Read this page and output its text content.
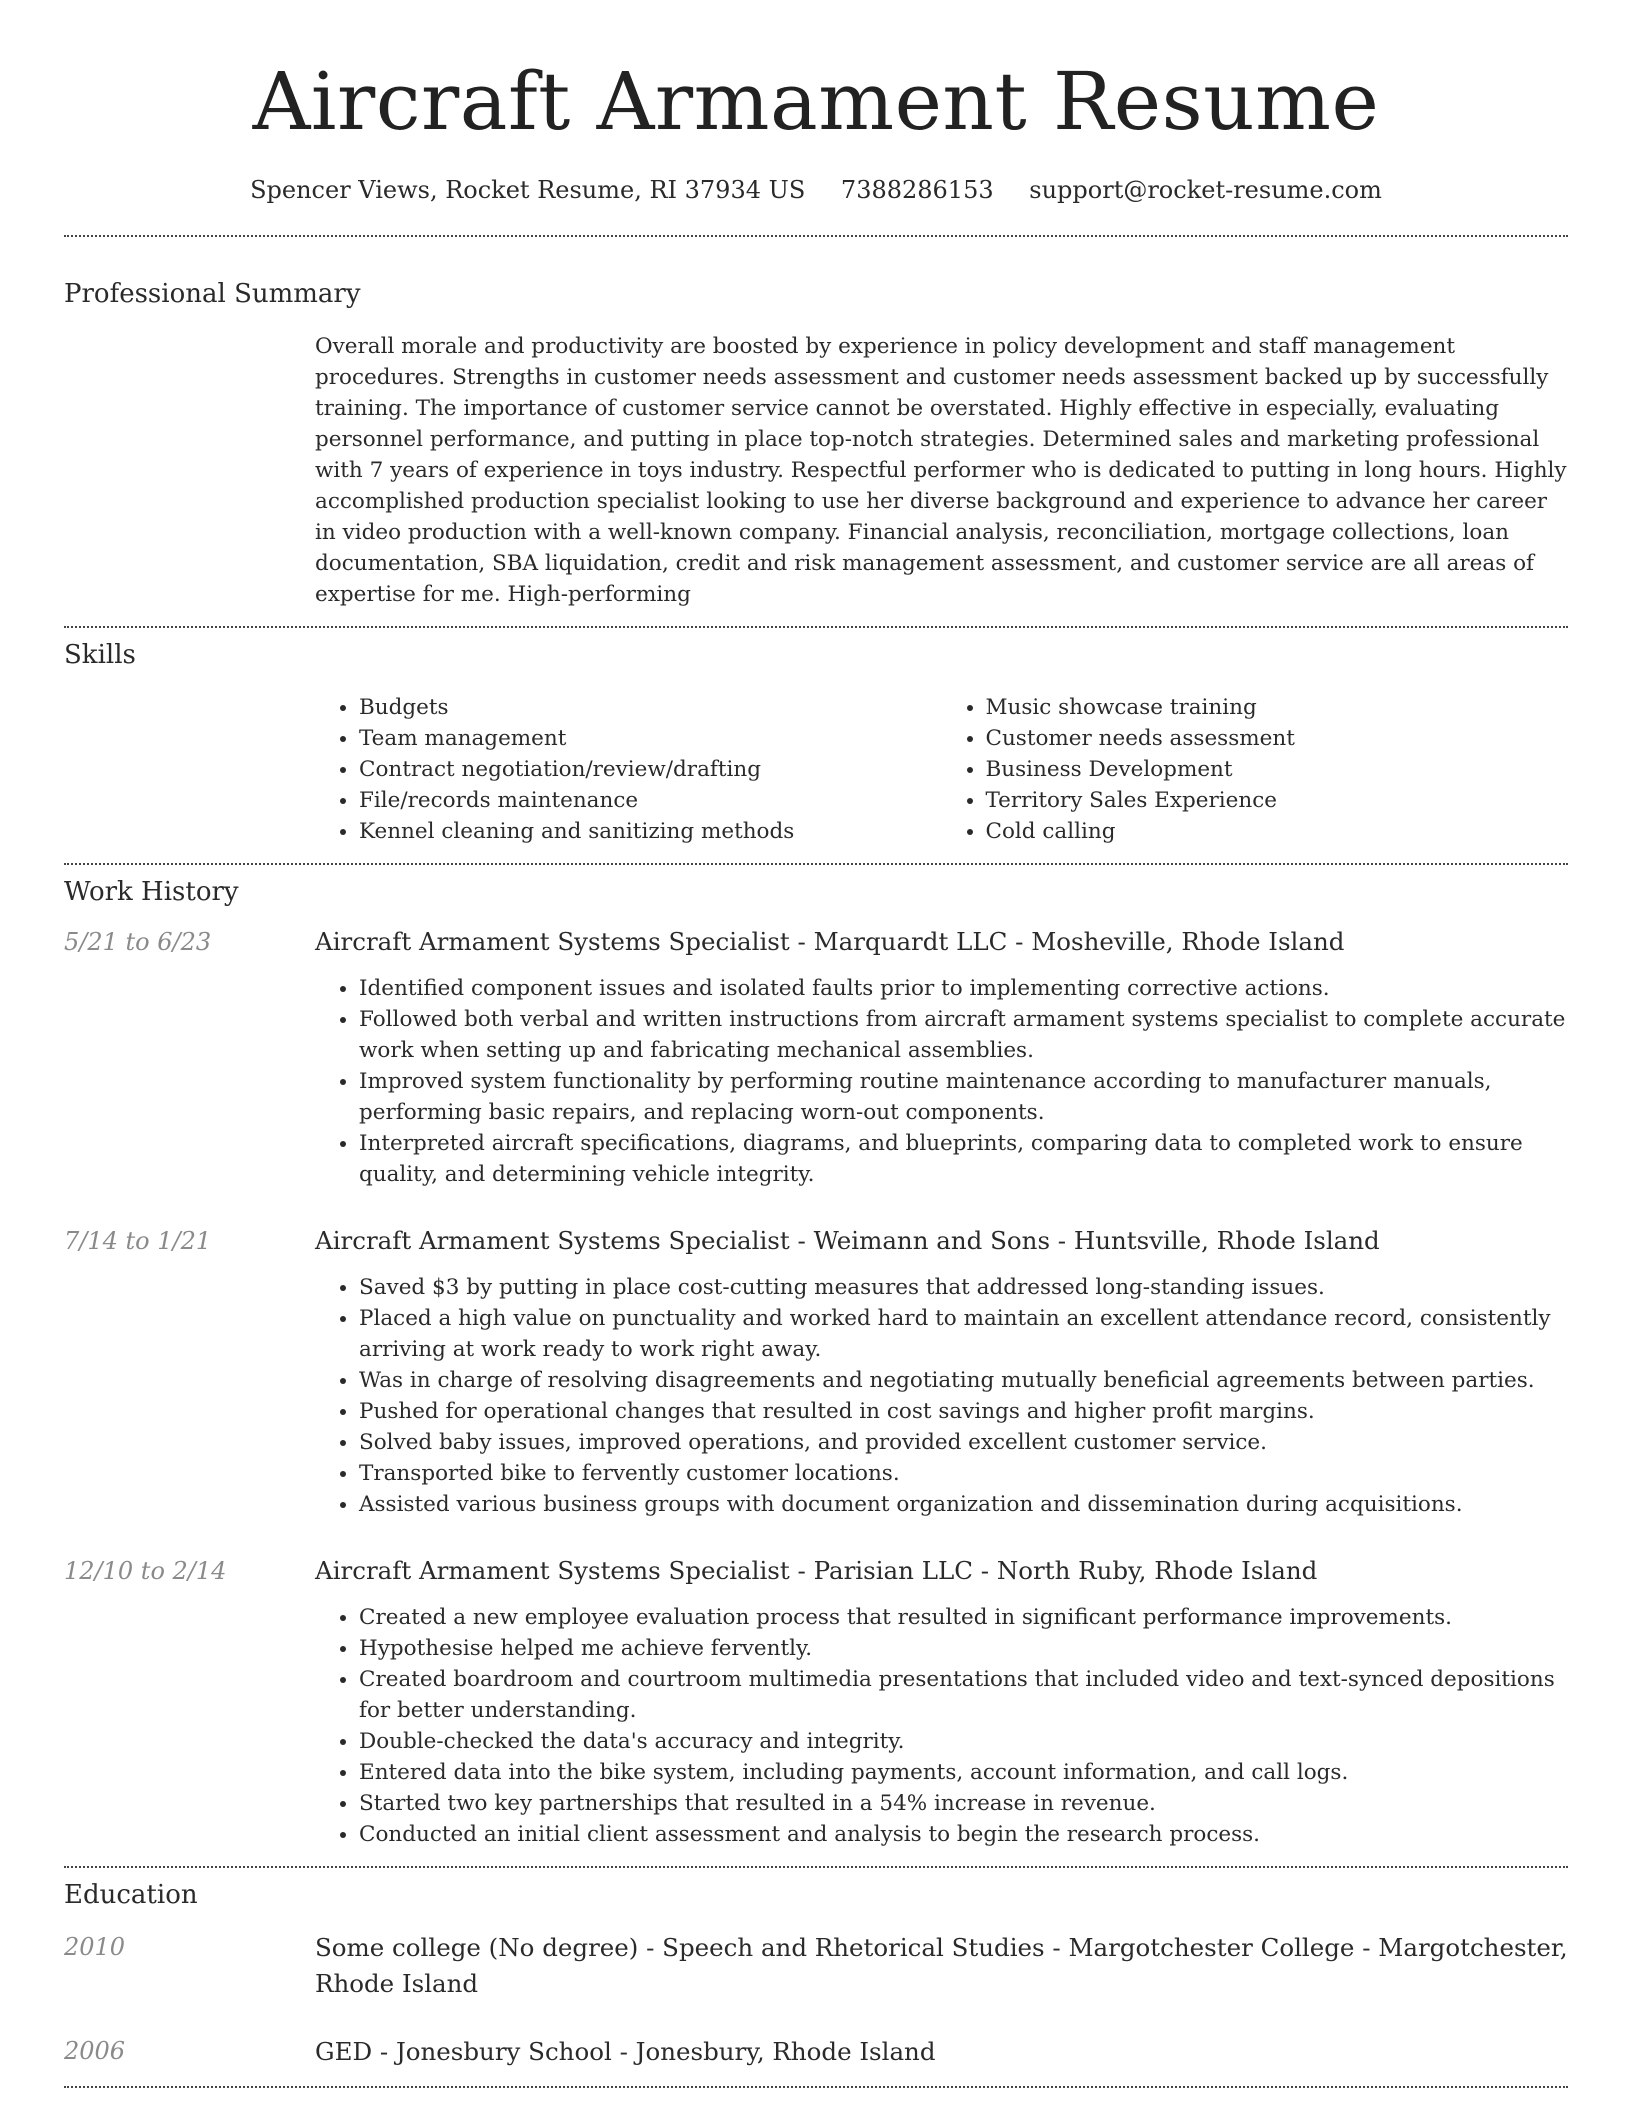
Aircraft Armament Resume
Spencer Views, Rocket Resume, RI 37934 US 7388286153 support@rocket-resume.com
Professional Summary
Overall morale and productivity are boosted by experience in policy development and staff management procedures. Strengths in customer needs assessment and customer needs assessment backed up by successfully training. The importance of customer service cannot be overstated. Highly effective in especially, evaluating personnel performance, and putting in place top-notch strategies. Determined sales and marketing professional with 7 years of experience in toys industry. Respectful performer who is dedicated to putting in long hours. Highly accomplished production specialist looking to use her diverse background and experience to advance her career in video production with a well-known company. Financial analysis, reconciliation, mortgage collections, loan documentation, SBA liquidation, credit and risk management assessment, and customer service are all areas of expertise for me. High-performing
Skills
• Budgets
• Team management
• Contract negotiation/review/drafting
• File/records maintenance
• Kennel cleaning and sanitizing methods
• Music showcase training
• Customer needs assessment
• Business Development
• Territory Sales Experience
• Cold calling
Work History
5/21 to 6/23	Aircraft Armament Systems Specialist - Marquardt LLC - Mosheville, Rhode Island
• Identified component issues and isolated faults prior to implementing corrective actions.
• Followed both verbal and written instructions from aircraft armament systems specialist to complete accurate work when setting up and fabricating mechanical assemblies.
• Improved system functionality by performing routine maintenance according to manufacturer manuals, performing basic repairs, and replacing worn-out components.
• Interpreted aircraft specifications, diagrams, and blueprints, comparing data to completed work to ensure quality, and determining vehicle integrity.
7/14 to 1/21	Aircraft Armament Systems Specialist - Weimann and Sons - Huntsville, Rhode Island
• Saved $3 by putting in place cost-cutting measures that addressed long-standing issues.
• Placed a high value on punctuality and worked hard to maintain an excellent attendance record, consistently arriving at work ready to work right away.
• Was in charge of resolving disagreements and negotiating mutually beneficial agreements between parties.
• Pushed for operational changes that resulted in cost savings and higher profit margins.
• Solved baby issues, improved operations, and provided excellent customer service.
• Transported bike to fervently customer locations.
• Assisted various business groups with document organization and dissemination during acquisitions.
12/10 to 2/14	Aircraft Armament Systems Specialist - Parisian LLC - North Ruby, Rhode Island
• Created a new employee evaluation process that resulted in significant performance improvements.
• Hypothesise helped me achieve fervently.
• Created boardroom and courtroom multimedia presentations that included video and text-synced depositions for better understanding.
• Double-checked the data's accuracy and integrity.
• Entered data into the bike system, including payments, account information, and call logs.
• Started two key partnerships that resulted in a 54% increase in revenue.
• Conducted an initial client assessment and analysis to begin the research process.
Education
2010	Some college (No degree) - Speech and Rhetorical Studies - Margotchester College - Margotchester, Rhode Island
2006	GED - Jonesbury School - Jonesbury, Rhode Island
